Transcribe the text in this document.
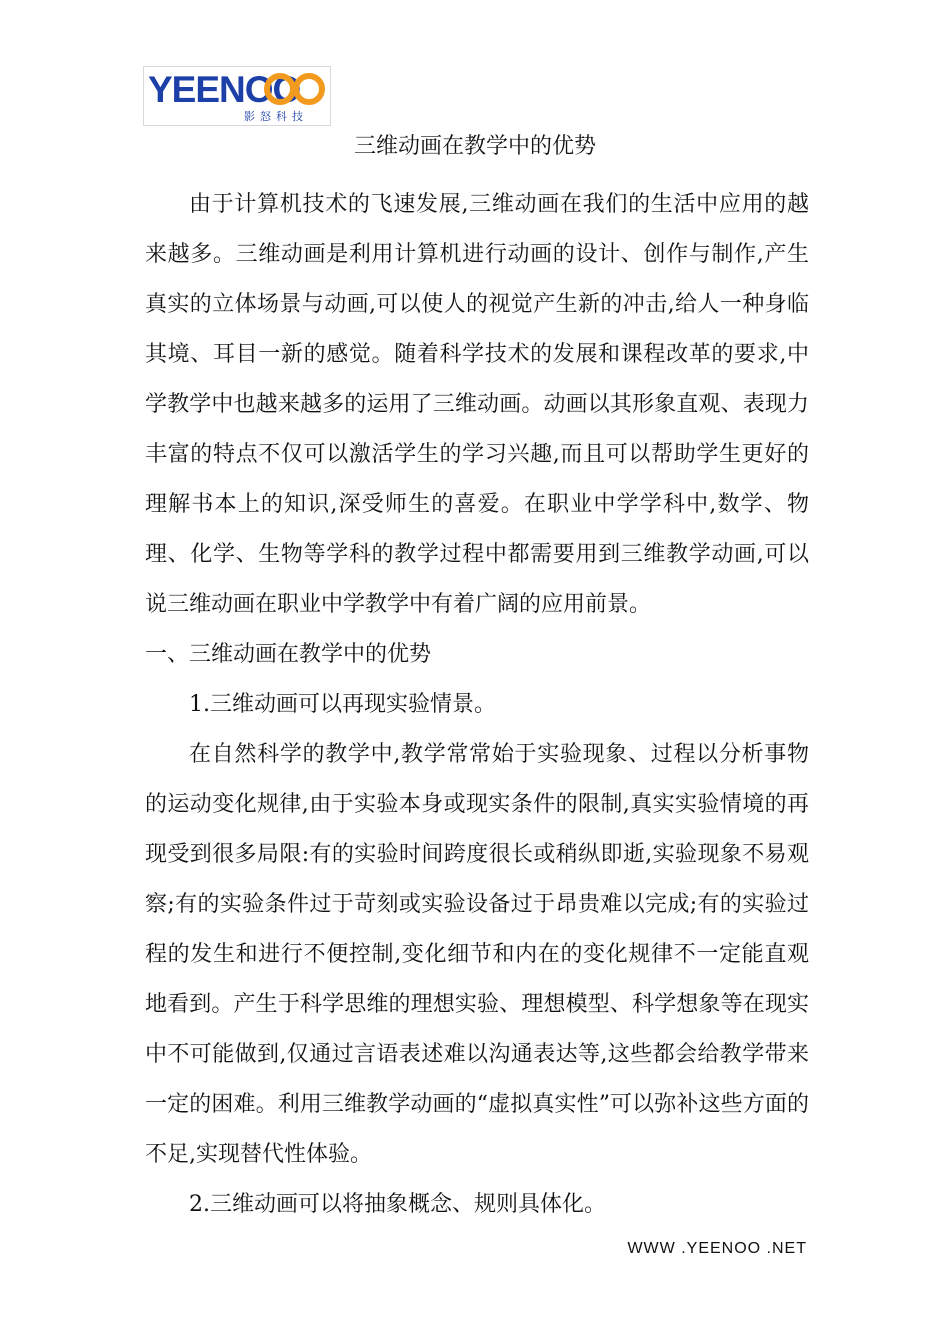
YEENOO
影怒科技
三维动画在教学中的优势

由于计算机技术的飞速发展,三维动画在我们的生活中应用的越来越多。三维动画是利用计算机进行动画的设计、创作与制作,产生真实的立体场景与动画,可以使人的视觉产生新的冲击,给人一种身临其境、耳目一新的感觉。随着科学技术的发展和课程改革的要求,中学教学中也越来越多的运用了三维动画。动画以其形象直观、表现力丰富的特点不仅可以激活学生的学习兴趣,而且可以帮助学生更好的理解书本上的知识,深受师生的喜爱。在职业中学学科中,数学、物理、化学、生物等学科的教学过程中都需要用到三维教学动画,可以说三维动画在职业中学教学中有着广阔的应用前景。

一、三维动画在教学中的优势

1.三维动画可以再现实验情景。

在自然科学的教学中,教学常常始于实验现象、过程以分析事物的运动变化规律,由于实验本身或现实条件的限制,真实实验情境的再现受到很多局限:有的实验时间跨度很长或稍纵即逝,实验现象不易观察;有的实验条件过于苛刻或实验设备过于昂贵难以完成;有的实验过程的发生和进行不便控制,变化细节和内在的变化规律不一定能直观地看到。产生于科学思维的理想实验、理想模型、科学想象等在现实中不可能做到,仅通过言语表述难以沟通表达等,这些都会给教学带来一定的困难。利用三维教学动画的“虚拟真实性”可以弥补这些方面的不足,实现替代性体验。

2.三维动画可以将抽象概念、规则具体化。

WWW .YEENOO .NET
